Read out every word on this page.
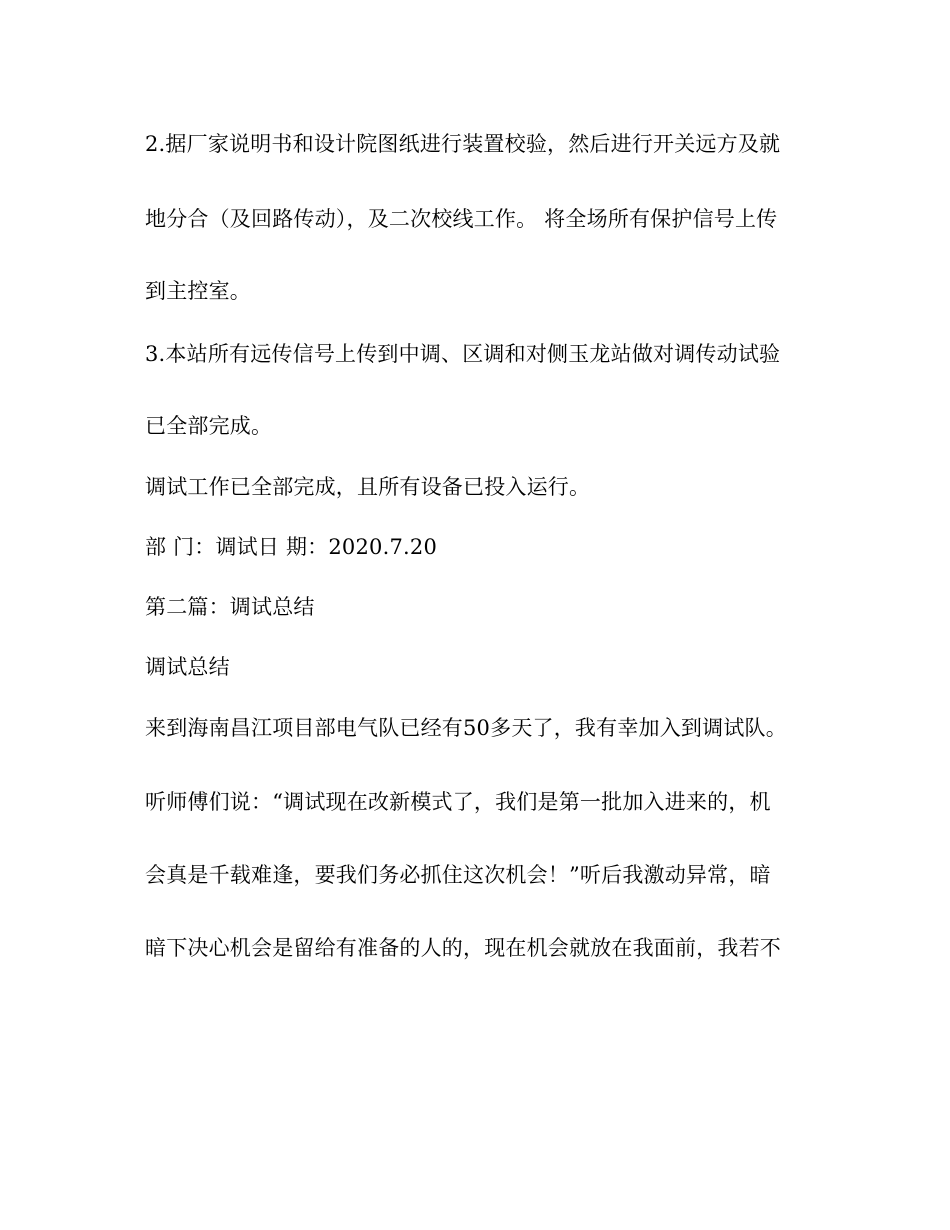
2.据厂家说明书和设计院图纸进行装置校验，然后进行开关远方及就
地分合（及回路传动），及二次校线工作。 将全场所有保护信号上传
到主控室。
3.本站所有远传信号上传到中调、区调和对侧玉龙站做对调传动试验
已全部完成。
调试工作已全部完成，且所有设备已投入运行。
部 门：调试日 期：2020.7.20
第二篇：调试总结
调试总结
来到海南昌江项目部电气队已经有50多天了，我有幸加入到调试队。
听师傅们说：“调试现在改新模式了，我们是第一批加入进来的，机
会真是千载难逢，要我们务必抓住这次机会！”听后我激动异常，暗
暗下决心机会是留给有准备的人的，现在机会就放在我面前，我若不
